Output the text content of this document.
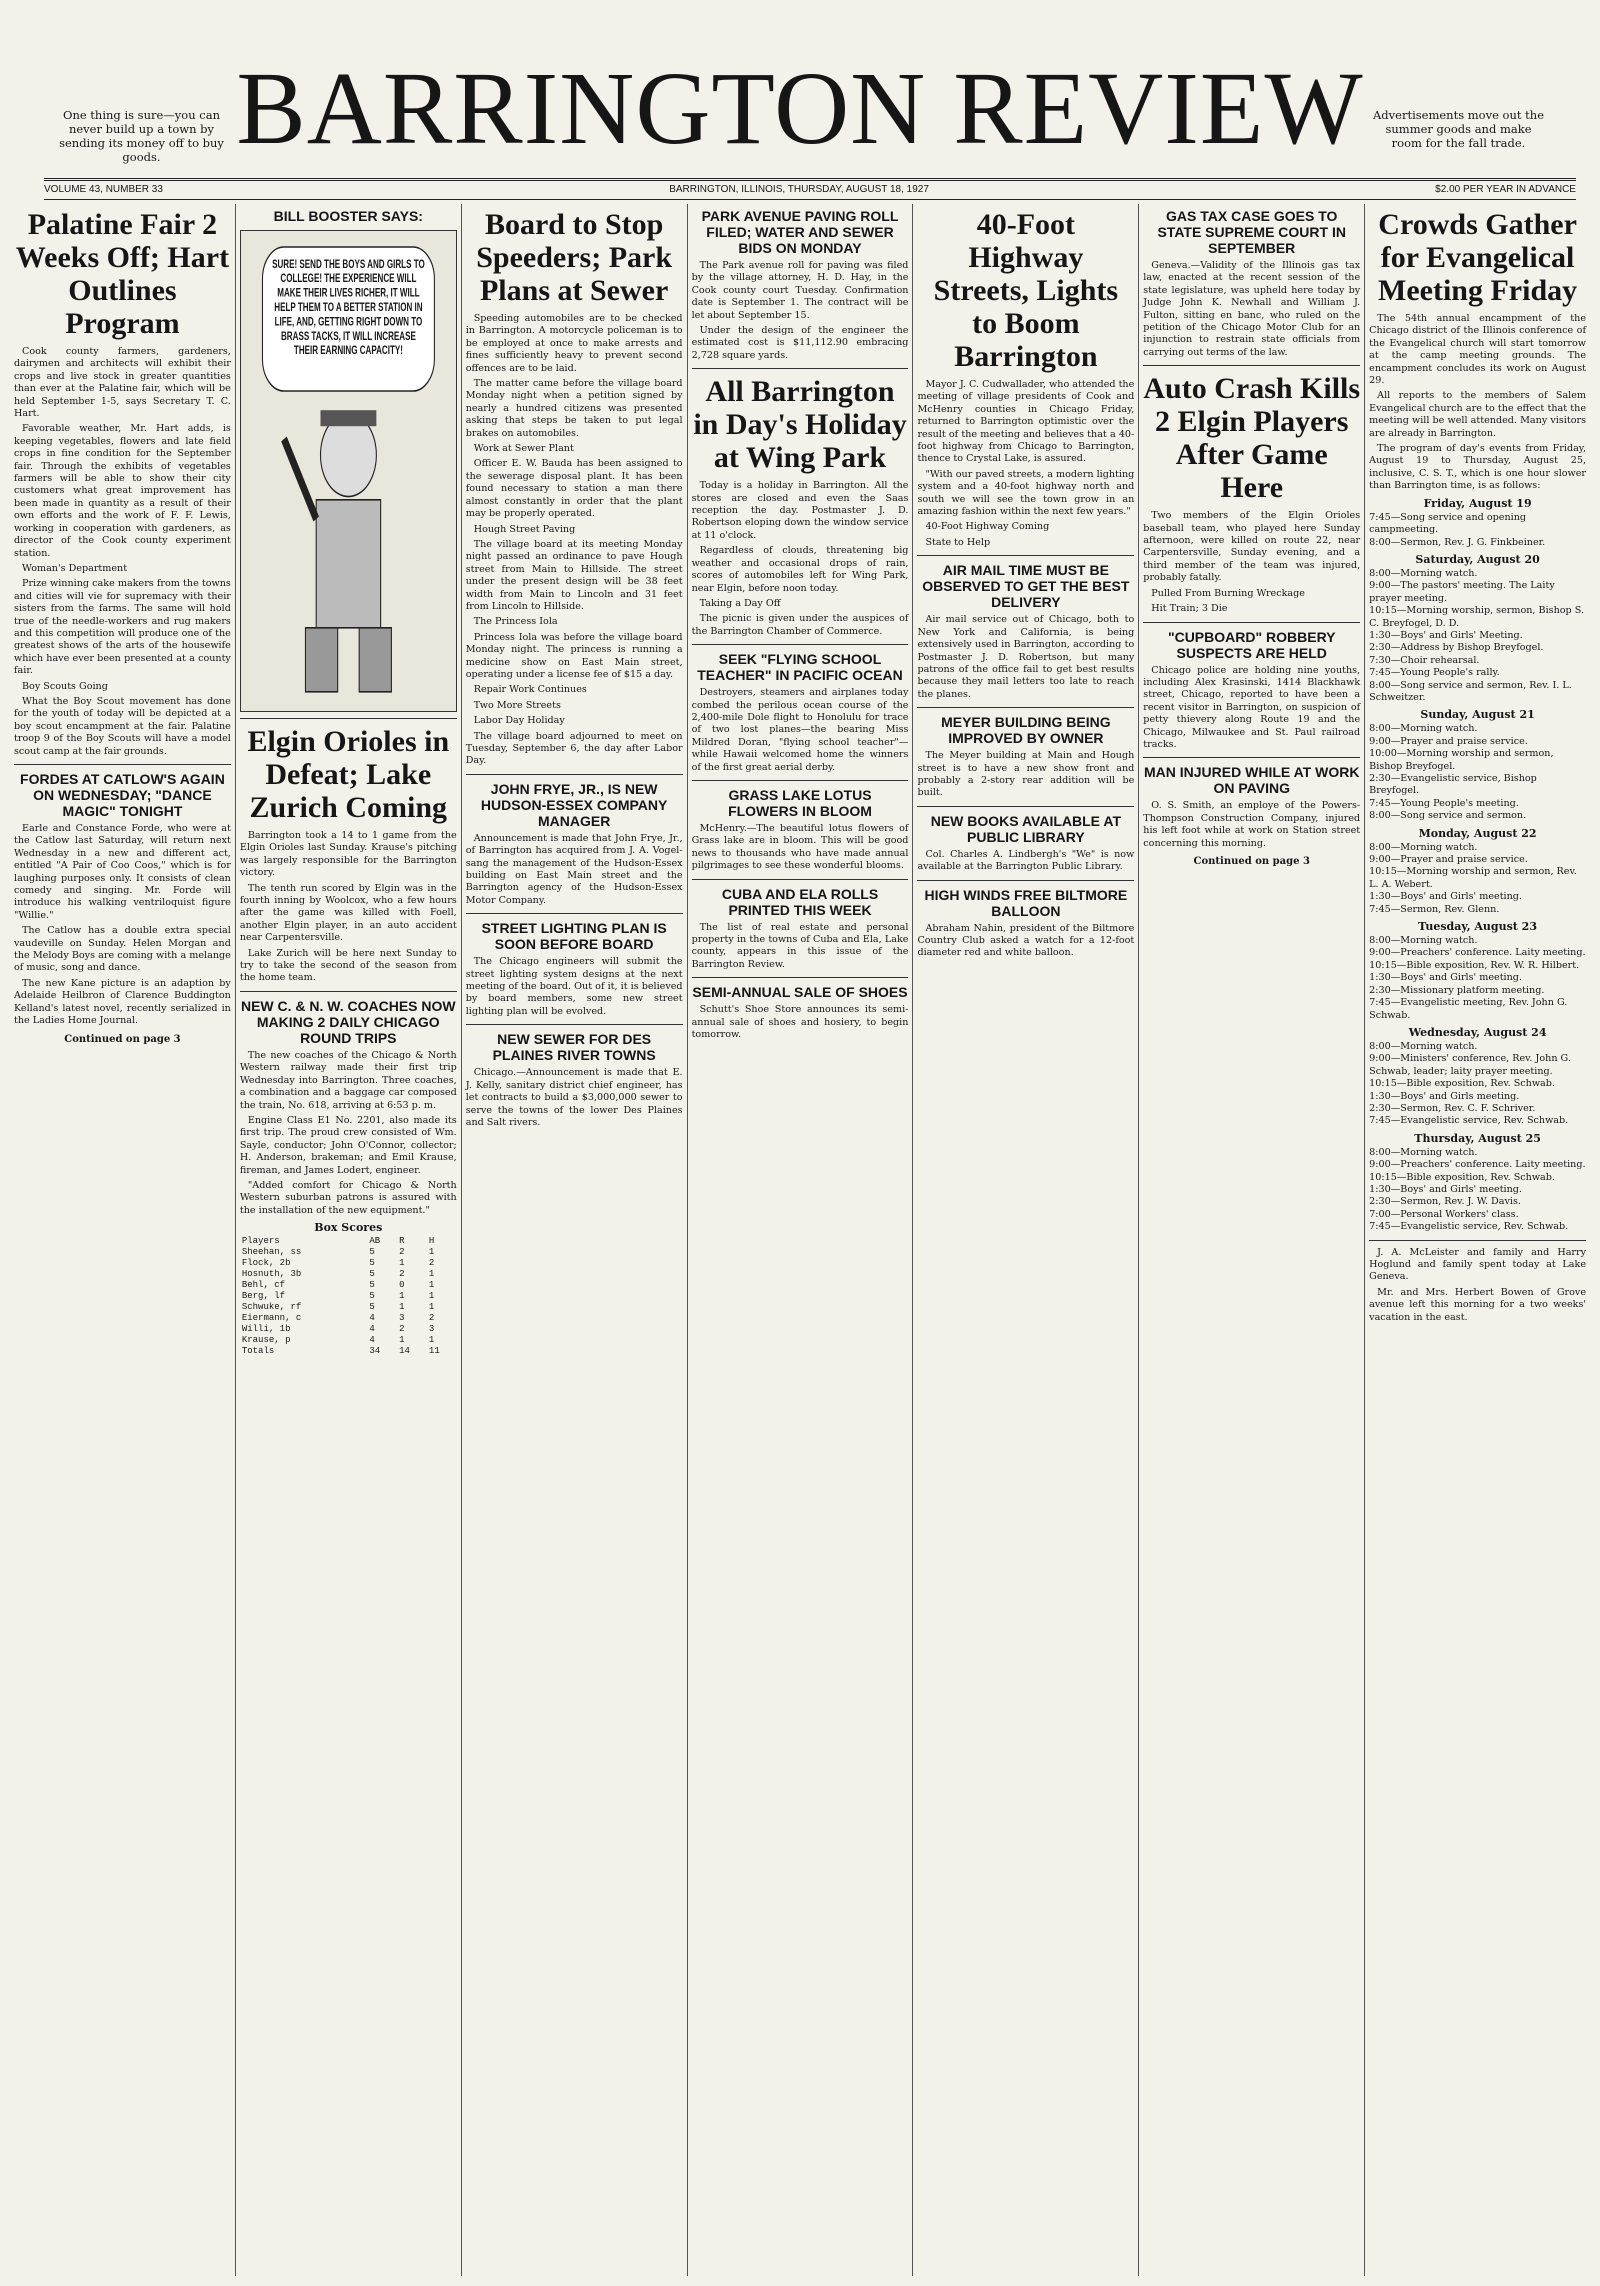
One thing is sure—you can never build up a town by sending its money off to buy goods. BARRINGTON REVIEW Advertisements move out the summer goods and make room for the fall trade.
VOLUME 43, NUMBER 33	BARRINGTON, ILLINOIS, THURSDAY, AUGUST 18, 1927	$2.00 PER YEAR IN ADVANCE
Palatine Fair 2 Weeks Off; Hart Outlines Program

Cook county farmers, gardeners, dairymen and architects will exhibit their crops and live stock in greater quantities than ever at the Palatine fair, which will be held September 1-5, says Secretary T. C. Hart.

Favorable weather, Mr. Hart adds, is keeping vegetables, flowers and late field crops in fine condition for the September fair. Through the exhibits of vegetables farmers will be able to show their city customers what great improvement has been made in quantity as a result of their own efforts and the work of F. F. Lewis, working in cooperation with gardeners, as director of the Cook county experiment station.

Woman's Department

Prize winning cake makers from the towns and cities will vie for supremacy with their sisters from the farms. The same will hold true of the needle-workers and rug makers and this competition will produce one of the greatest shows of the arts of the housewife which have ever been presented at a county fair.

Boy Scouts Going

What the Boy Scout movement has done for the youth of today will be depicted at a boy scout encampment at the fair. Palatine troop 9 of the Boy Scouts will have a model scout camp at the fair grounds.

FORDES AT CATLOW'S AGAIN ON WEDNESDAY; "DANCE MAGIC" TONIGHT

Earle and Constance Forde, who were at the Catlow last Saturday, will return next Wednesday in a new and different act, entitled "A Pair of Coo Coos," which is for laughing purposes only. It consists of clean comedy and singing. Mr. Forde will introduce his walking ventriloquist figure "Willie."

The Catlow has a double extra special vaudeville on Sunday. Helen Morgan and the Melody Boys are coming with a melange of music, song and dance.

The new Kane picture is an adaption by Adelaide Heilbron of Clarence Buddington Kelland's latest novel, recently serialized in the Ladies Home Journal.

Continued on page 3
BILL BOOSTER SAYS:
SURE! SEND THE BOYS AND GIRLS TO COLLEGE! THE EXPERIENCE WILL MAKE THEIR LIVES RICHER, IT WILL HELP THEM TO A BETTER STATION IN LIFE, AND, GETTING RIGHT DOWN TO BRASS TACKS, IT WILL INCREASE THEIR EARNING CAPACITY!
Elgin Orioles in Defeat; Lake Zurich Coming

Barrington took a 14 to 1 game from the Elgin Orioles last Sunday. Krause's pitching was largely responsible for the Barrington victory.

The tenth run scored by Elgin was in the fourth inning by Woolcox, who a few hours after the game was killed with Foell, another Elgin player, in an auto accident near Carpentersville.

Lake Zurich will be here next Sunday to try to take the second of the season from the home team.

NEW C. & N. W. COACHES NOW MAKING 2 DAILY CHICAGO ROUND TRIPS

The new coaches of the Chicago & North Western railway made their first trip Wednesday into Barrington. Three coaches, a combination and a baggage car composed the train, No. 618, arriving at 6:53 p. m.

Engine Class E1 No. 2201, also made its first trip. The proud crew consisted of Wm. Sayle, conductor; John O'Connor, collector; H. Anderson, brakeman; and Emil Krause, fireman, and James Lodert, engineer.

"Added comfort for Chicago & North Western suburban patrons is assured with the installation of the new equipment."

Box Scores
Players	AB	R	H
Sheehan, ss	5	2	1
Flock, 2b	5	1	2
Hosnuth, 3b	5	2	1
Behl, cf	5	0	1
Berg, lf	5	1	1
Schwuke, rf	5	1	1
Eiermann, c	4	3	2
Willi, 1b	4	2	3
Krause, p	4	1	1
Totals	34	14	11
Board to Stop Speeders; Park Plans at Sewer

Speeding automobiles are to be checked in Barrington. A motorcycle policeman is to be employed at once to make arrests and fines sufficiently heavy to prevent second offences are to be laid.

The matter came before the village board Monday night when a petition signed by nearly a hundred citizens was presented asking that steps be taken to put legal brakes on automobiles.

Work at Sewer Plant

Officer E. W. Bauda has been assigned to the sewerage disposal plant. It has been found necessary to station a man there almost constantly in order that the plant may be properly operated.

Hough Street Paving

The village board at its meeting Monday night passed an ordinance to pave Hough street from Main to Hillside. The street under the present design will be 38 feet width from Main to Lincoln and 31 feet from Lincoln to Hillside.

The Princess Iola

Princess Iola was before the village board Monday night. The princess is running a medicine show on East Main street, operating under a license fee of $15 a day.

Repair Work Continues

Two More Streets

Labor Day Holiday

The village board adjourned to meet on Tuesday, September 6, the day after Labor Day.

JOHN FRYE, JR., IS NEW HUDSON-ESSEX COMPANY MANAGER

Announcement is made that John Frye, Jr., of Barrington has acquired from J. A. Vogel-sang the management of the Hudson-Essex building on East Main street and the Barrington agency of the Hudson-Essex Motor Company.

STREET LIGHTING PLAN IS SOON BEFORE BOARD

The Chicago engineers will submit the street lighting system designs at the next meeting of the board. Out of it, it is believed by board members, some new street lighting plan will be evolved.

NEW SEWER FOR DES PLAINES RIVER TOWNS

Chicago.—Announcement is made that E. J. Kelly, sanitary district chief engineer, has let contracts to build a $3,000,000 sewer to serve the towns of the lower Des Plaines and Salt rivers.

PARK AVENUE PAVING ROLL FILED; WATER AND SEWER BIDS ON MONDAY

The Park avenue roll for paving was filed by the village attorney, H. D. Hay, in the Cook county court Tuesday. Confirmation date is September 1. The contract will be let about September 15.

Under the design of the engineer the estimated cost is $11,112.90 embracing 2,728 square yards.

All Barrington in Day's Holiday at Wing Park

Today is a holiday in Barrington. All the stores are closed and even the Saas reception the day. Postmaster J. D. Robertson eloping down the window service at 11 o'clock.

Regardless of clouds, threatening big weather and occasional drops of rain, scores of automobiles left for Wing Park, near Elgin, before noon today.

Taking a Day Off

The picnic is given under the auspices of the Barrington Chamber of Commerce.

SEEK "FLYING SCHOOL TEACHER" IN PACIFIC OCEAN

Destroyers, steamers and airplanes today combed the perilous ocean course of the 2,400-mile Dole flight to Honolulu for trace of two lost planes—the bearing Miss Mildred Doran, "flying school teacher"—while Hawaii welcomed home the winners of the first great aerial derby.

GRASS LAKE LOTUS FLOWERS IN BLOOM

McHenry.—The beautiful lotus flowers of Grass lake are in bloom. This will be good news to thousands who have made annual pilgrimages to see these wonderful blooms.

CUBA AND ELA ROLLS PRINTED THIS WEEK

The list of real estate and personal property in the towns of Cuba and Ela, Lake county, appears in this issue of the Barrington Review.

SEMI-ANNUAL SALE OF SHOES

Schutt's Shoe Store announces its semi-annual sale of shoes and hosiery, to begin tomorrow.

40-Foot Highway Streets, Lights to Boom Barrington

Mayor J. C. Cudwallader, who attended the meeting of village presidents of Cook and McHenry counties in Chicago Friday, returned to Barrington optimistic over the result of the meeting and believes that a 40-foot highway from Chicago to Barrington, thence to Crystal Lake, is assured.

"With our paved streets, a modern lighting system and a 40-foot highway north and south we will see the town grow in an amazing fashion within the next few years."

40-Foot Highway Coming

State to Help

AIR MAIL TIME MUST BE OBSERVED TO GET THE BEST DELIVERY

Air mail service out of Chicago, both to New York and California, is being extensively used in Barrington, according to Postmaster J. D. Robertson, but many patrons of the office fail to get best results because they mail letters too late to reach the planes.

MEYER BUILDING BEING IMPROVED BY OWNER

The Meyer building at Main and Hough street is to have a new show front and probably a 2-story rear addition will be built.

NEW BOOKS AVAILABLE AT PUBLIC LIBRARY

Col. Charles A. Lindbergh's "We" is now available at the Barrington Public Library.

HIGH WINDS FREE BILTMORE BALLOON

Abraham Nahin, president of the Biltmore Country Club asked a watch for a 12-foot diameter red and white balloon.

GAS TAX CASE GOES TO STATE SUPREME COURT IN SEPTEMBER

Geneva.—Validity of the Illinois gas tax law, enacted at the recent session of the state legislature, was upheld here today by Judge John K. Newhall and William J. Fulton, sitting en banc, who ruled on the petition of the Chicago Motor Club for an injunction to restrain state officials from carrying out terms of the law.

Auto Crash Kills 2 Elgin Players After Game Here

Two members of the Elgin Orioles baseball team, who played here Sunday afternoon, were killed on route 22, near Carpentersville, Sunday evening, and a third member of the team was injured, probably fatally.

Pulled From Burning Wreckage

Hit Train; 3 Die

"CUPBOARD" ROBBERY SUSPECTS ARE HELD

Chicago police are holding nine youths, including Alex Krasinski, 1414 Blackhawk street, Chicago, reported to have been a recent visitor in Barrington, on suspicion of petty thievery along Route 19 and the Chicago, Milwaukee and St. Paul railroad tracks.

MAN INJURED WHILE AT WORK ON PAVING

O. S. Smith, an employe of the Powers-Thompson Construction Company, injured his left foot while at work on Station street concerning this morning.

Continued on page 3
Crowds Gather for Evangelical Meeting Friday

The 54th annual encampment of the Chicago district of the Illinois conference of the Evangelical church will start tomorrow at the camp meeting grounds. The encampment concludes its work on August 29.

All reports to the members of Salem Evangelical church are to the effect that the meeting will be well attended. Many visitors are already in Barrington.

The program of day's events from Friday, August 19 to Thursday, August 25, inclusive, C. S. T., which is one hour slower than Barrington time, is as follows:

Friday, August 19
7:45—Song service and opening campmeeting.
8:00—Sermon, Rev. J. G. Finkbeiner.
Saturday, August 20
8:00—Morning watch.
9:00—The pastors' meeting. The Laity prayer meeting.
10:15—Morning worship, sermon, Bishop S. C. Breyfogel, D. D.
1:30—Boys' and Girls' Meeting.
2:30—Address by Bishop Breyfogel.
7:30—Choir rehearsal.
7:45—Young People's rally.
8:00—Song service and sermon, Rev. I. L. Schweitzer.
Sunday, August 21
8:00—Morning watch.
9:00—Prayer and praise service.
10:00—Morning worship and sermon, Bishop Breyfogel.
2:30—Evangelistic service, Bishop Breyfogel.
7:45—Young People's meeting.
8:00—Song service and sermon.
Monday, August 22
8:00—Morning watch.
9:00—Prayer and praise service.
10:15—Morning worship and sermon, Rev. L. A. Webert.
1:30—Boys' and Girls' meeting.
7:45—Sermon, Rev. Glenn.
Tuesday, August 23
8:00—Morning watch.
9:00—Preachers' conference. Laity meeting.
10:15—Bible exposition, Rev. W. R. Hilbert.
1:30—Boys' and Girls' meeting.
2:30—Missionary platform meeting.
7:45—Evangelistic meeting, Rev. John G. Schwab.
Wednesday, August 24
8:00—Morning watch.
9:00—Ministers' conference, Rev. John G. Schwab, leader; laity prayer meeting.
10:15—Bible exposition, Rev. Schwab.
1:30—Boys' and Girls meeting.
2:30—Sermon, Rev. C. F. Schriver.
7:45—Evangelistic service, Rev. Schwab.
Thursday, August 25
8:00—Morning watch.
9:00—Preachers' conference. Laity meeting.
10:15—Bible exposition, Rev. Schwab.
1:30—Boys' and Girls' meeting.
2:30—Sermon, Rev. J. W. Davis.
7:00—Personal Workers' class.
7:45—Evangelistic service, Rev. Schwab.

J. A. McLeister and family and Harry Hoglund and family spent today at Lake Geneva.

Mr. and Mrs. Herbert Bowen of Grove avenue left this morning for a two weeks' vacation in the east.
